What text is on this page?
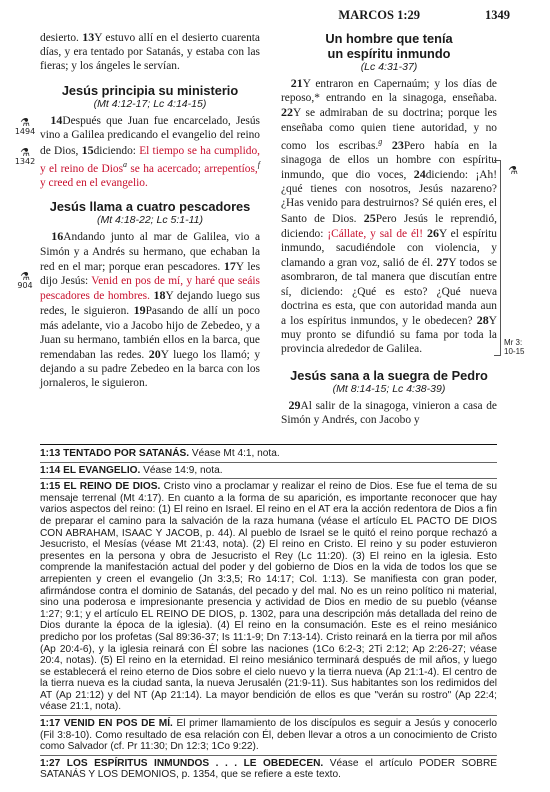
MARCOS 1:29	1349
⚗
1494
⚗
1342
⚗
904

desierto. 13Y estuvo allí en el desierto cuarenta días, y era tentado por Satanás, y estaba con las fieras; y los ángeles le servían.

Jesús principia su ministerio
(Mt 4:12-17; Lc 4:14-15)

14Después que Juan fue encarcelado, Jesús vino a Galilea predicando el evangelio del reino de Dios, 15diciendo: El tiempo se ha cumplido, y el reino de Dios$^a$ se ha acercado; arrepentíos,$^f$ y creed en el evangelio.

Jesús llama a cuatro pescadores
(Mt 4:18-22; Lc 5:1-11)

16Andando junto al mar de Galilea, vio a Simón y a Andrés su hermano, que echaban la red en el mar; porque eran pescadores. 17Y les dijo Jesús: Venid en pos de mí, y haré que seáis pescadores de hombres. 18Y dejando luego sus redes, le siguieron. 19Pasando de allí un poco más adelante, vio a Jacobo hijo de Zebedeo, y a Juan su hermano, también ellos en la barca, que remendaban las redes. 20Y luego los llamó; y dejando a su padre Zebedeo en la barca con los jornaleros, le siguieron.

Un hombre que tenía
un espíritu inmundo
(Lc 4:31-37)

21Y entraron en Capernaúm; y los días de reposo,* entrando en la sinagoga, enseñaba. 22Y se admiraban de su doctrina; porque les enseñaba como quien tiene autoridad, y no como los escribas.$^g$ 23Pero había en la sinagoga de ellos un hombre con espíritu inmundo, que dio voces, 24diciendo: ¡Ah! ¿qué tienes con nosotros, Jesús nazareno? ¿Has venido para destruirnos? Sé quién eres, el Santo de Dios. 25Pero Jesús le reprendió, diciendo: ¡Cállate, y sal de él! 26Y el espíritu inmundo, sacudiéndole con violencia, y clamando a gran voz, salió de él. 27Y todos se asombraron, de tal manera que discutían entre sí, diciendo: ¿Qué es esto? ¿Qué nueva doctrina es esta, que con autoridad manda aun a los espíritus inmundos, y le obedecen? 28Y muy pronto se difundió su fama por toda la provincia alrededor de Galilea.

Jesús sana a la suegra de Pedro
(Mt 8:14-15; Lc 4:38-39)

29Al salir de la sinagoga, vinieron a casa de Simón y Andrés, con Jacobo y

⚗
Mr 3:
10-15
1:13 TENTADO POR SATANÁS. Véase Mt 4:1, nota.
1:14 EL EVANGELIO. Véase 14:9, nota.
1:15 EL REINO DE DIOS. Cristo vino a proclamar y realizar el reino de Dios. Ese fue el tema de su mensaje terrenal (Mt 4:17). En cuanto a la forma de su aparición, es importante reconocer que hay varios aspectos del reino: (1) El reino en Israel. El reino en el AT era la acción redentora de Dios a fin de preparar el camino para la salvación de la raza humana (véase el artículo EL PACTO DE DIOS CON ABRAHAM, ISAAC Y JACOB, p. 44). Al pueblo de Israel se le quitó el reino porque rechazó a Jesucristo, el Mesías (véase Mt 21:43, nota). (2) El reino en Cristo. El reino y su poder estuvieron presentes en la persona y obra de Jesucristo el Rey (Lc 11:20). (3) El reino en la iglesia. Esto comprende la manifestación actual del poder y del gobierno de Dios en la vida de todos los que se arrepienten y creen el evangelio (Jn 3:3,5; Ro 14:17; Col. 1:13). Se manifiesta con gran poder, afirmándose contra el dominio de Satanás, del pecado y del mal. No es un reino político ni material, sino una poderosa e impresionante presencia y actividad de Dios en medio de su pueblo (véanse 1:27; 9:1; y el artículo EL REINO DE DIOS, p. 1302, para una descripción más detallada del reino de Dios durante la época de la iglesia). (4) El reino en la consumación. Este es el reino mesiánico predicho por los profetas (Sal 89:36-37; Is 11:1-9; Dn 7:13-14). Cristo reinará en la tierra por mil años (Ap 20:4-6), y la iglesia reinará con Él sobre las naciones (1Co 6:2-3; 2Ti 2:12; Ap 2:26-27; véase 20:4, notas). (5) El reino en la eternidad. El reino mesiánico terminará después de mil años, y luego se establecerá el reino eterno de Dios sobre el cielo nuevo y la tierra nueva (Ap 21:1-4). El centro de la tierra nueva es la ciudad santa, la nueva Jerusalén (21:9-11). Sus habitantes son los redimidos del AT (Ap 21:12) y del NT (Ap 21:14). La mayor bendición de ellos es que "verán su rostro" (Ap 22:4; véase 21:1, nota).
1:17 VENID EN POS DE MÍ. El primer llamamiento de los discípulos es seguir a Jesús y conocerlo (Fil 3:8-10). Como resultado de esa relación con Él, deben llevar a otros a un conocimiento de Cristo como Salvador (cf. Pr 11:30; Dn 12:3; 1Co 9:22).
1:27 LOS ESPÍRITUS INMUNDOS . . . LE OBEDECEN. Véase el artículo PODER SOBRE SATANÁS Y LOS DEMONIOS, p. 1354, que se refiere a este texto.
